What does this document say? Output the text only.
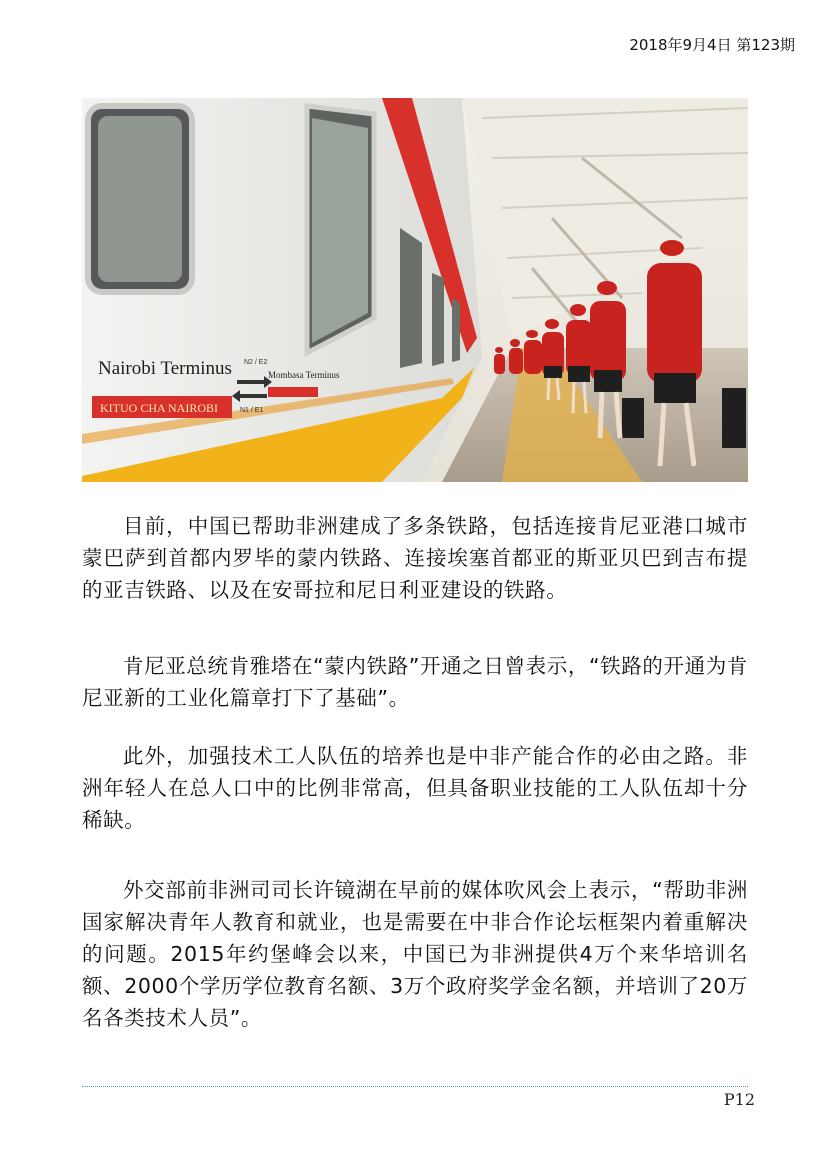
2018年9月4日 第123期
Nairobi Terminus N2 / E2
Mombasa Terminus
N1 / E1
KITUO CHA NAIROBI

目前，中国已帮助非洲建成了多条铁路，包括连接肯尼亚港口城市蒙巴萨到首都内罗毕的蒙内铁路、连接埃塞首都亚的斯亚贝巴到吉布提的亚吉铁路、以及在安哥拉和尼日利亚建设的铁路。

肯尼亚总统肯雅塔在“蒙内铁路”开通之日曾表示，“铁路的开通为肯尼亚新的工业化篇章打下了基础”。

此外，加强技术工人队伍的培养也是中非产能合作的必由之路。非洲年轻人在总人口中的比例非常高，但具备职业技能的工人队伍却十分稀缺。

外交部前非洲司司长许镜湖在早前的媒体吹风会上表示，“帮助非洲国家解决青年人教育和就业，也是需要在中非合作论坛框架内着重解决的问题。2015年约堡峰会以来，中国已为非洲提供4万个来华培训名额、2000个学历学位教育名额、3万个政府奖学金名额，并培训了20万名各类技术人员”。

P12
